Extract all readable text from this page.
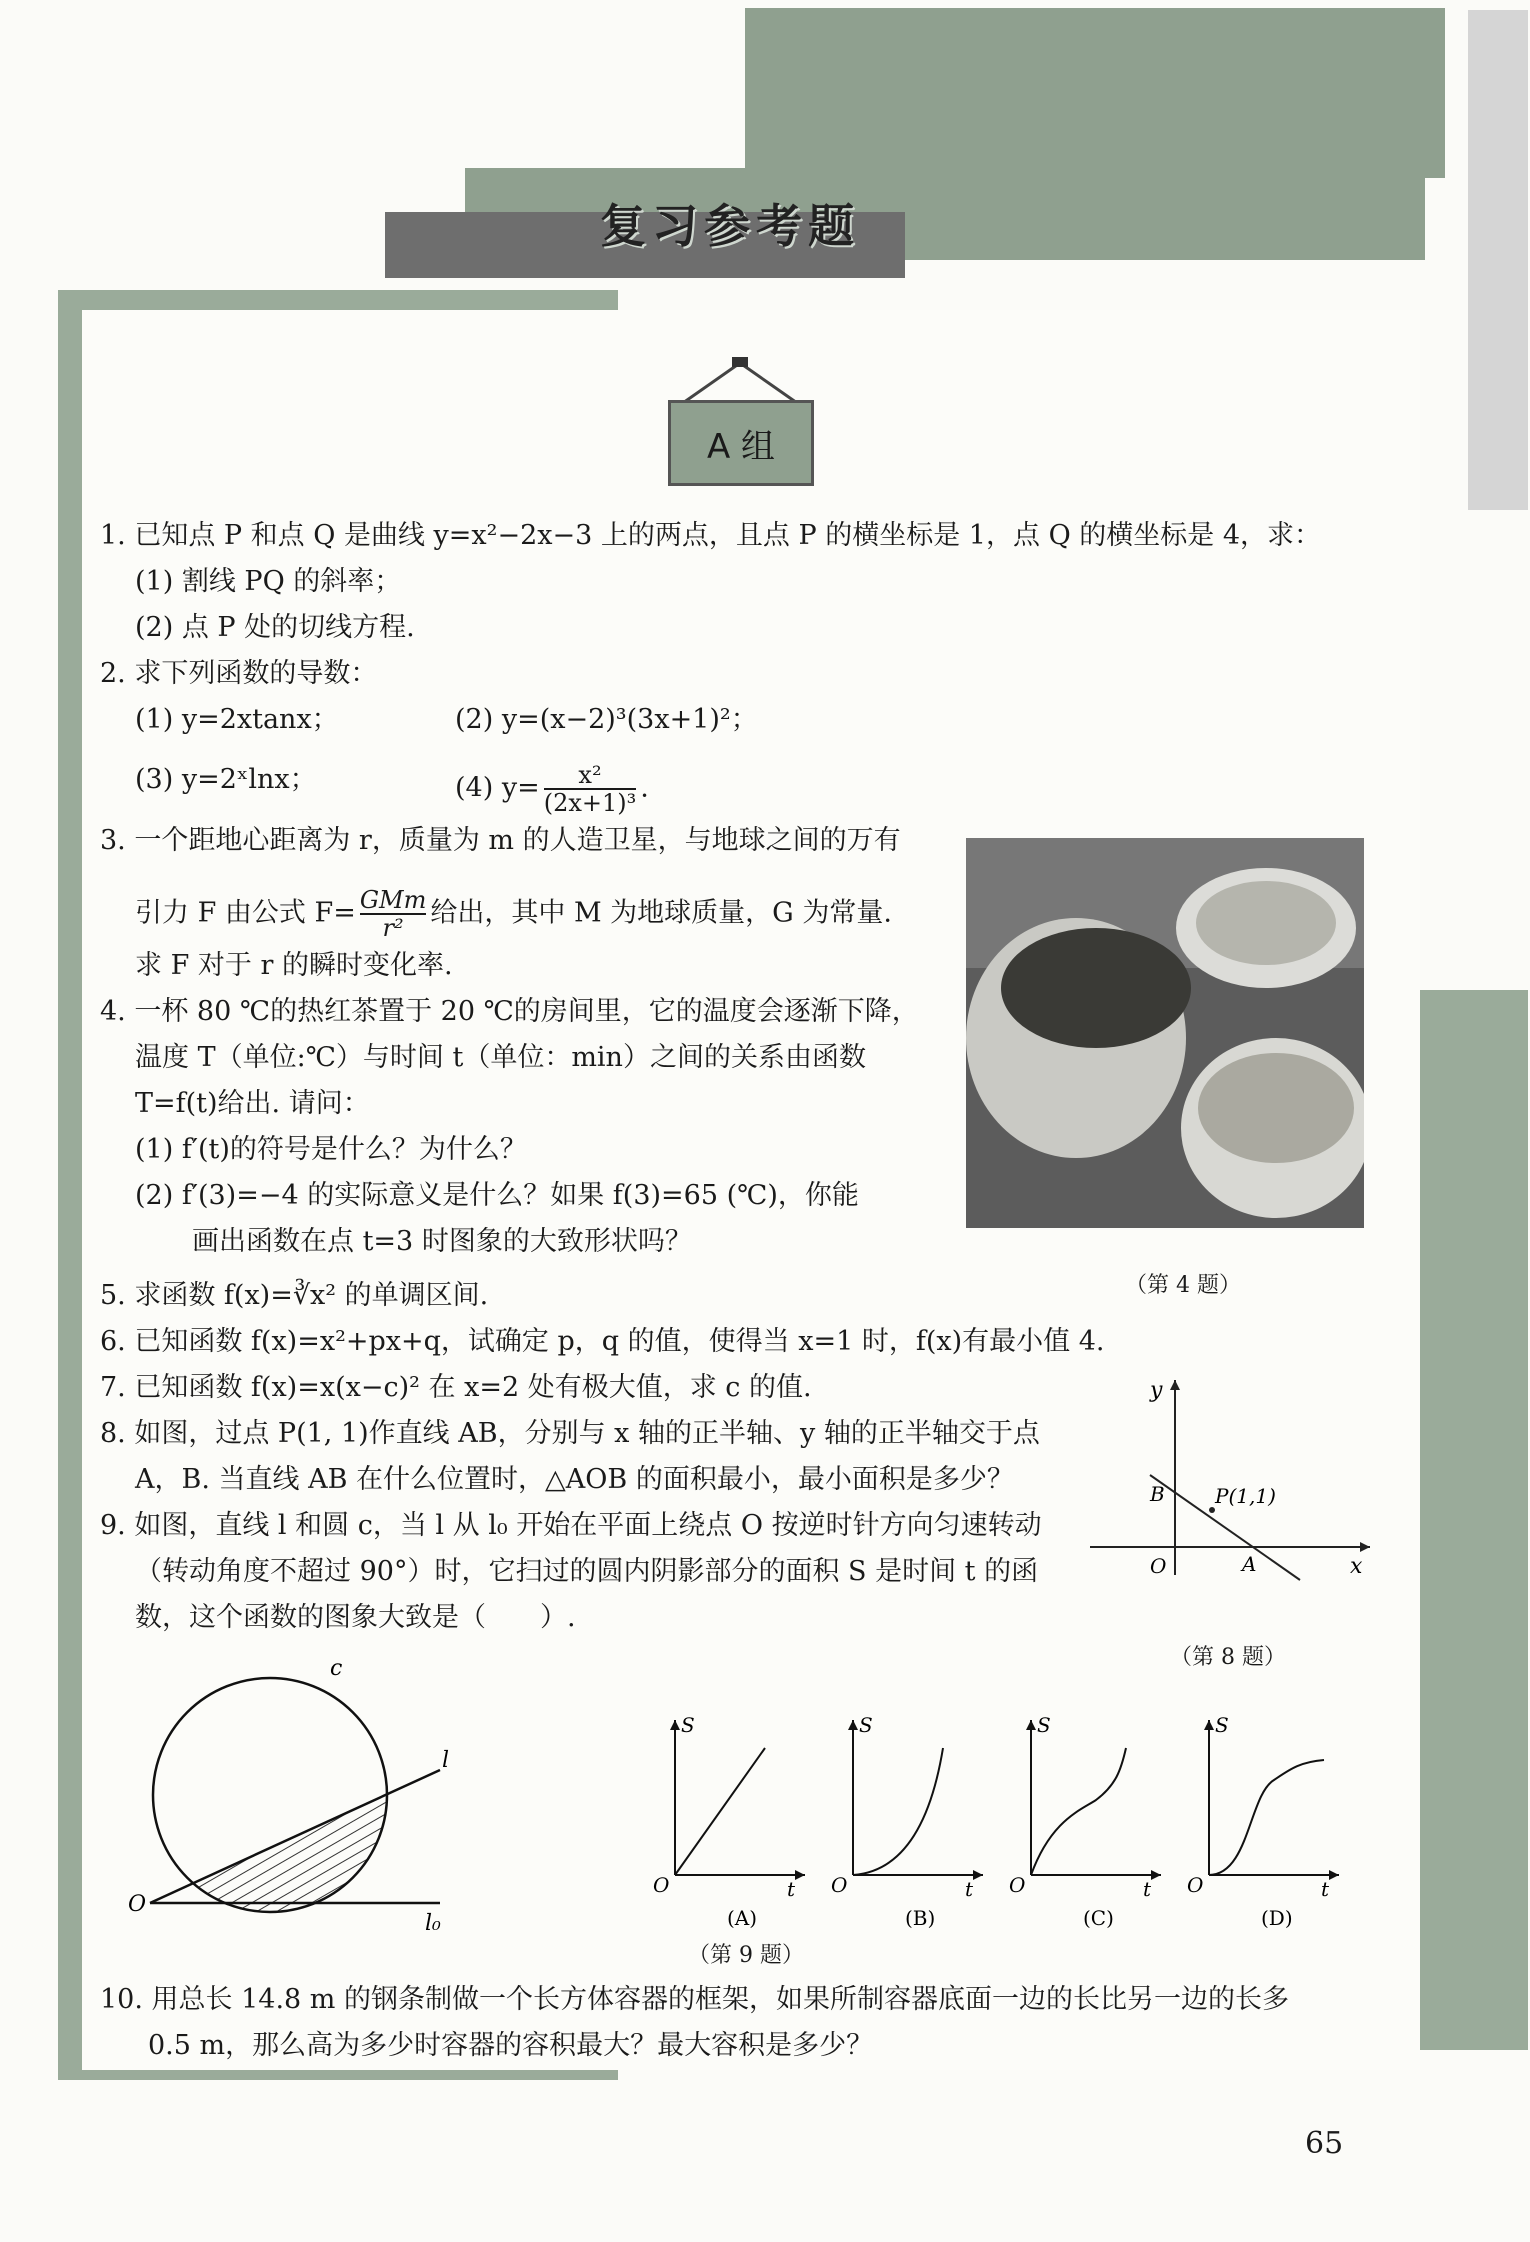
复习参考题
A 组
1. 已知点 P 和点 Q 是曲线 y=x²−2x−3 上的两点，且点 P 的横坐标是 1，点 Q 的横坐标是 4，求：
(1) 割线 PQ 的斜率；
(2) 点 P 处的切线方程.
2. 求下列函数的导数：
(1) y=2xtanx；	(2) y=(x−2)³(3x+1)²；
(3) y=2ˣlnx；	(4) $y= \frac{\text{x²}}{\text{(2x+1)³}}$ .
3. 一个距地心距离为 r，质量为 m 的人造卫星，与地球之间的万有
引力 F 由公式 F= GMm
r² 给出，其中 M 为地球质量，G 为常量.
求 F 对于 r 的瞬时变化率.
4. 一杯 80 ℃的热红茶置于 20 ℃的房间里，它的温度会逐渐下降，
温度 T（单位:℃）与时间 t（单位：min）之间的关系由函数
T=f(t)给出. 请问：
(1) f′(t)的符号是什么？为什么？
(2) f′(3)=−4 的实际意义是什么？如果 f(3)=65 (℃)，你能
画出函数在点 t=3 时图象的大致形状吗？
（第 4 题）
5. 求函数 f(x)=∛x² 的单调区间.
6. 已知函数 f(x)=x²+px+q，试确定 p，q 的值，使得当 x=1 时，f(x)有最小值 4.
7. 已知函数 f(x)=x(x−c)² 在 x=2 处有极大值，求 c 的值.
8. 如图，过点 P(1, 1)作直线 AB，分别与 x 轴的正半轴、y 轴的正半轴交于点
A，B. 当直线 AB 在什么位置时，△AOB 的面积最小，最小面积是多少？
y
x
O	A
B	P(1,1)
（第 8 题）
9. 如图，直线 l 和圆 c，当 l 从 l₀ 开始在平面上绕点 O 按逆时针方向匀速转动
（转动角度不超过 90°）时，它扫过的圆内阴影部分的面积 S 是时间 t 的函
数，这个函数的图象大致是（　　）.
c
l
l₀
O
S
O	t
(A)
S
O	t
(B)
S
O	t
(C)
S
O	t
(D)
（第 9 题）
10. 用总长 14.8 m 的钢条制做一个长方体容器的框架，如果所制容器底面一边的长比另一边的长多
0.5 m，那么高为多少时容器的容积最大？最大容积是多少？
65
